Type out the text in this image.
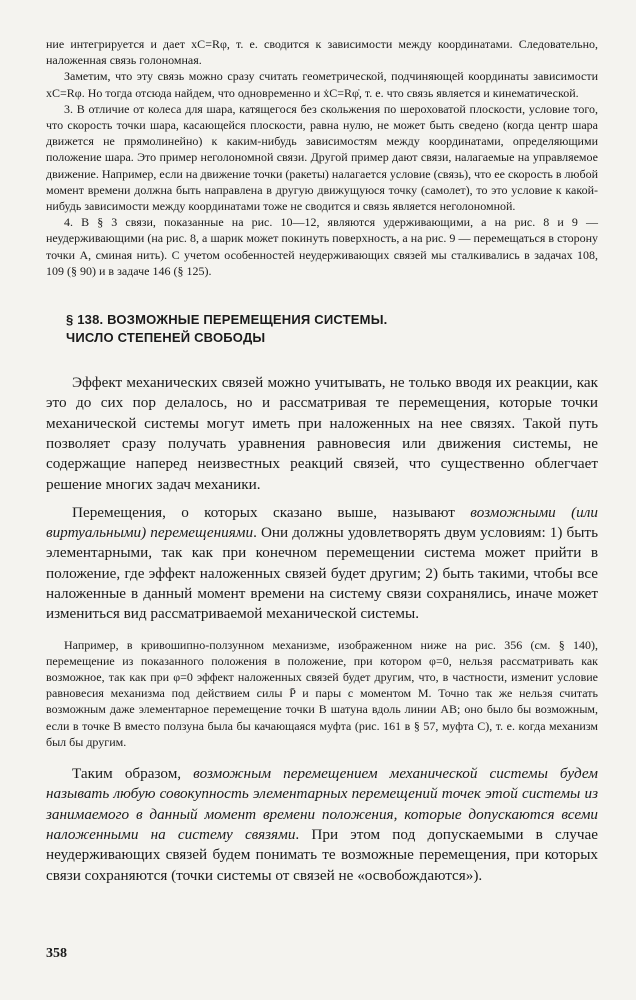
ние интегрируется и дает xC=Rφ, т. е. сводится к зависимости между координатами. Следовательно, наложенная связь голономная.

Заметим, что эту связь можно сразу считать геометрической, подчиняющей координаты зависимости xC=Rφ. Но тогда отсюда найдем, что одновременно и ẋC=Rφ̇, т. е. что связь является и кинематической.

3. В отличие от колеса для шара, катящегося без скольжения по шероховатой плоскости, условие того, что скорость точки шара, касающейся плоскости, равна нулю, не может быть сведено (когда центр шара движется не прямолинейно) к каким-нибудь зависимостям между координатами, определяющими положение шара. Это пример неголономной связи. Другой пример дают связи, налагаемые на управляемое движение. Например, если на движение точки (ракеты) налагается условие (связь), что ее скорость в любой момент времени должна быть направлена в другую движущуюся точку (самолет), то это условие к какой-нибудь зависимости между координатами тоже не сводится и связь является неголономной.

4. В § 3 связи, показанные на рис. 10—12, являются удерживающими, а на рис. 8 и 9 — неудерживающими (на рис. 8, а шарик может покинуть поверхность, а на рис. 9 — перемещаться в сторону точки A, сминая нить). С учетом особенностей неудерживающих связей мы сталкивались в задачах 108, 109 (§ 90) и в задаче 146 (§ 125).

§ 138. ВОЗМОЖНЫЕ ПЕРЕМЕЩЕНИЯ СИСТЕМЫ.
ЧИСЛО СТЕПЕНЕЙ СВОБОДЫ

Эффект механических связей можно учитывать, не только вводя их реакции, как это до сих пор делалось, но и рассматривая те перемещения, которые точки механической системы могут иметь при наложенных на нее связях. Такой путь позволяет сразу получать уравнения равновесия или движения системы, не содержащие наперед неизвестных реакций связей, что существенно облегчает решение многих задач механики.

Перемещения, о которых сказано выше, называют возможными (или виртуальными) перемещениями. Они должны удовлетворять двум условиям: 1) быть элементарными, так как при конечном перемещении система может прийти в положение, где эффект наложенных связей будет другим; 2) быть такими, чтобы все наложенные в данный момент времени на систему связи сохранялись, иначе может измениться вид рассматриваемой механической системы.

Например, в кривошипно-ползунном механизме, изображенном ниже на рис. 356 (см. § 140), перемещение из показанного положения в положение, при котором φ=0, нельзя рассматривать как возможное, так как при φ=0 эффект наложенных связей будет другим, что, в частности, изменит условие равновесия механизма под действием силы P̄ и пары с моментом M. Точно так же нельзя считать возможным даже элементарное перемещение точки B шатуна вдоль линии AB; оно было бы возможным, если в точке B вместо ползуна была бы качающаяся муфта (рис. 161 в § 57, муфта C), т. е. когда механизм был бы другим.

Таким образом, возможным перемещением механической системы будем называть любую совокупность элементарных перемещений точек этой системы из занимаемого в данный момент времени положения, которые допускаются всеми наложенными на систему связями. При этом под допускаемыми в случае неудерживающих связей будем понимать те возможные перемещения, при которых связи сохраняются (точки системы от связей не «освобождаются»).

358
